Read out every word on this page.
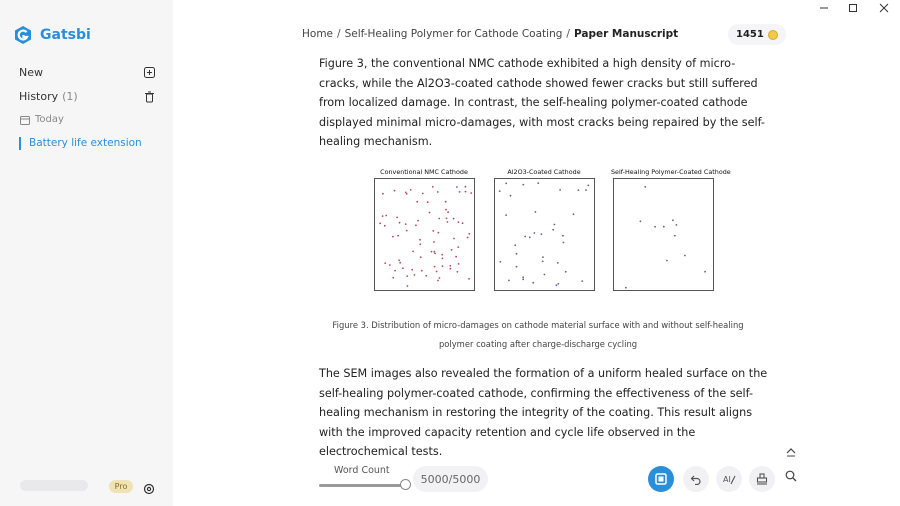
Gatsbi
New
History (1)
Today
Battery life extension
Pro
Home / Self-Healing Polymer for Cathode Coating / Paper Manuscript	1451
Figure 3, the conventional NMC cathode exhibited a high density of micro-cracks, while the Al2O3-coated cathode showed fewer cracks but still suffered from localized damage. In contrast, the self-healing polymer-coated cathode displayed minimal micro-damages, with most cracks being repaired by the self-healing mechanism.
Conventional NMC Cathode	Al2O3-Coated Cathode	Self-Healing Polymer-Coated Cathode
Figure 3. Distribution of micro-damages on cathode material surface with and without self-healing polymer coating after charge-discharge cycling
The SEM images also revealed the formation of a uniform healed surface on the self-healing polymer-coated cathode, confirming the effectiveness of the self-healing mechanism in restoring the integrity of the coating. This result aligns with the improved capacity retention and cycle life observed in the electrochemical tests.
Word Count
5000 /5000	AI
